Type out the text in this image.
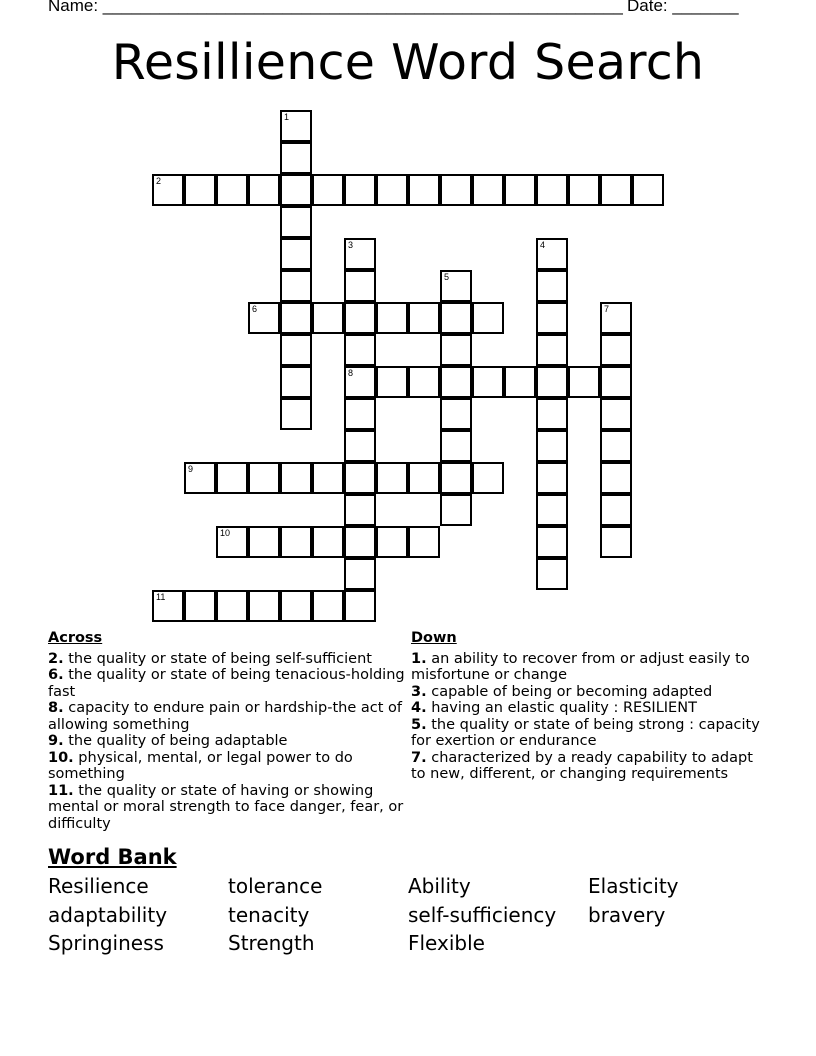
Name: _______________________________________________________ Date: _______
Resillience Word Search
1
2
3
8
4
5
6	7
9
10
11
Across
2. the quality or state of being self-sufficient
6. the quality or state of being tenacious-holding fast
8. capacity to endure pain or hardship-the act of allowing something
9. the quality of being adaptable
10. physical, mental, or legal power to do something
11. the quality or state of having or showing mental or moral strength to face danger, fear, or difficulty
Down
1. an ability to recover from or adjust easily to misfortune or change
3. capable of being or becoming adapted
4. having an elastic quality : RESILIENT
5. the quality or state of being strong : capacity for exertion or endurance
7. characterized by a ready capability to adapt to new, different, or changing requirements
Word Bank
Resilience	tolerance	Ability	Elasticity
adaptability	tenacity	self-sufficiency bravery
Springiness	Strength	Flexible
